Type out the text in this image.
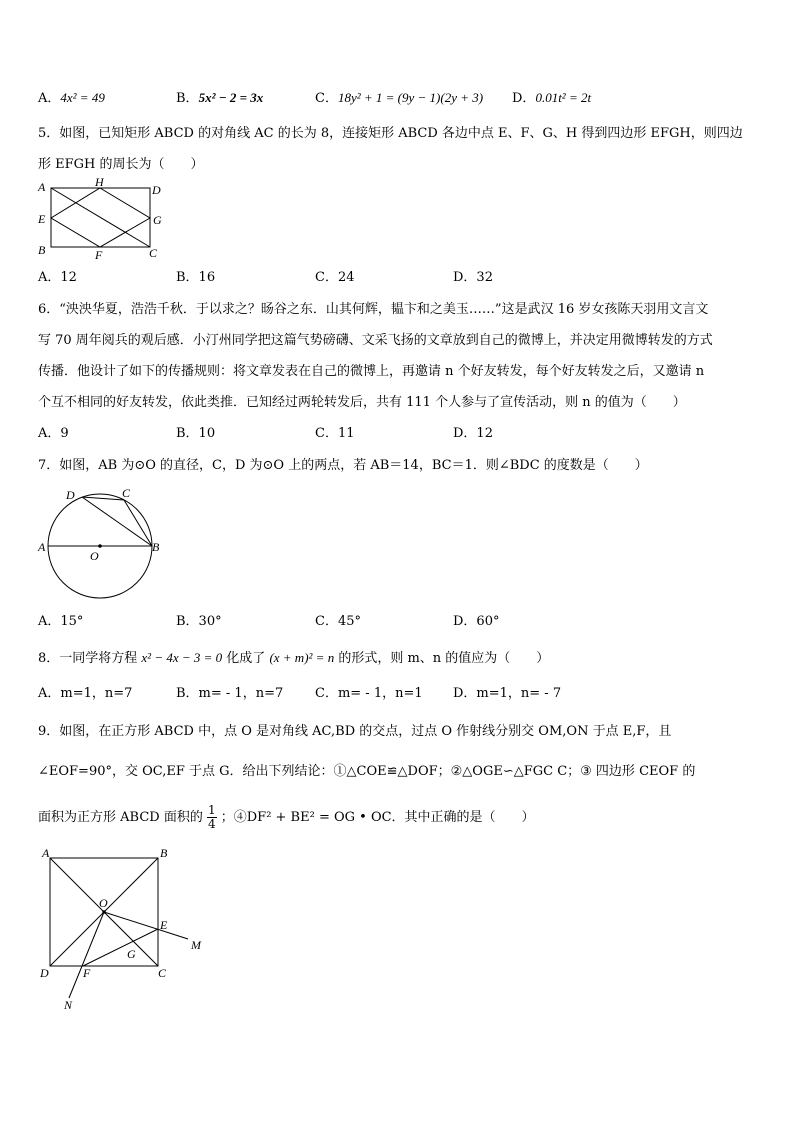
A．4x² = 49	B．5x² − 2 = 3x	C．18y² + 1 = (9y − 1)(2y + 3) D．0.01t² = 2t
5．如图，已知矩形 ABCD 的对角线 AC 的长为 8，连接矩形 ABCD 各边中点 E、F、G、H 得到四边形 EFGH，则四边
形 EFGH 的周长为（　　）
A	H
D
E	G
B	F	C
A．12	B．16	C．24	D．32
6．“泱泱华夏，浩浩千秋．于以求之？旸谷之东．山其何辉，韫卞和之美玉……”这是武汉 16 岁女孩陈天羽用文言文
写 70 周年阅兵的观后感．小汀州同学把这篇气势磅礴、文采飞扬的文章放到自己的微博上，并决定用微博转发的方式
传播．他设计了如下的传播规则：将文章发表在自己的微博上，再邀请 n 个好友转发，每个好友转发之后，又邀请 n
个互不相同的好友转发，依此类推．已知经过两轮转发后，共有 111 个人参与了宣传活动，则 n 的值为（　　）
A．9	B．10	C．11	D．12
7．如图，AB 为⊙O 的直径，C，D 为⊙O 上的两点，若 AB＝14，BC＝1．则∠BDC 的度数是（　　）
D	C
A
O
B
A．15°	B．30°	C．45°	D．60°
8．一同学将方程 x² − 4x − 3 = 0 化成了 (x + m)² = n 的形式，则 m、n 的值应为（　　）
A．m=1，n=7	B．m= - 1，n=7 C．m= - 1，n=1 D．m=1，n= - 7
9．如图，在正方形 ABCD 中，点 O 是对角线 AC,BD 的交点，过点 O 作射线分别交 OM,ON 于点 E,F，且
∠EOF=90°，交 OC,EF 于点 G．给出下列结论：①△COE≌△DOF；②△OGE∽△FGC C；③ 四边形 CEOF 的
面积为正方形 ABCD 面积的 $\frac{1}{4}$ ；④DF² + BE² = OG • OC．其中正确的是（　　）
A	B
O
E
M
G
D	F	C
N
